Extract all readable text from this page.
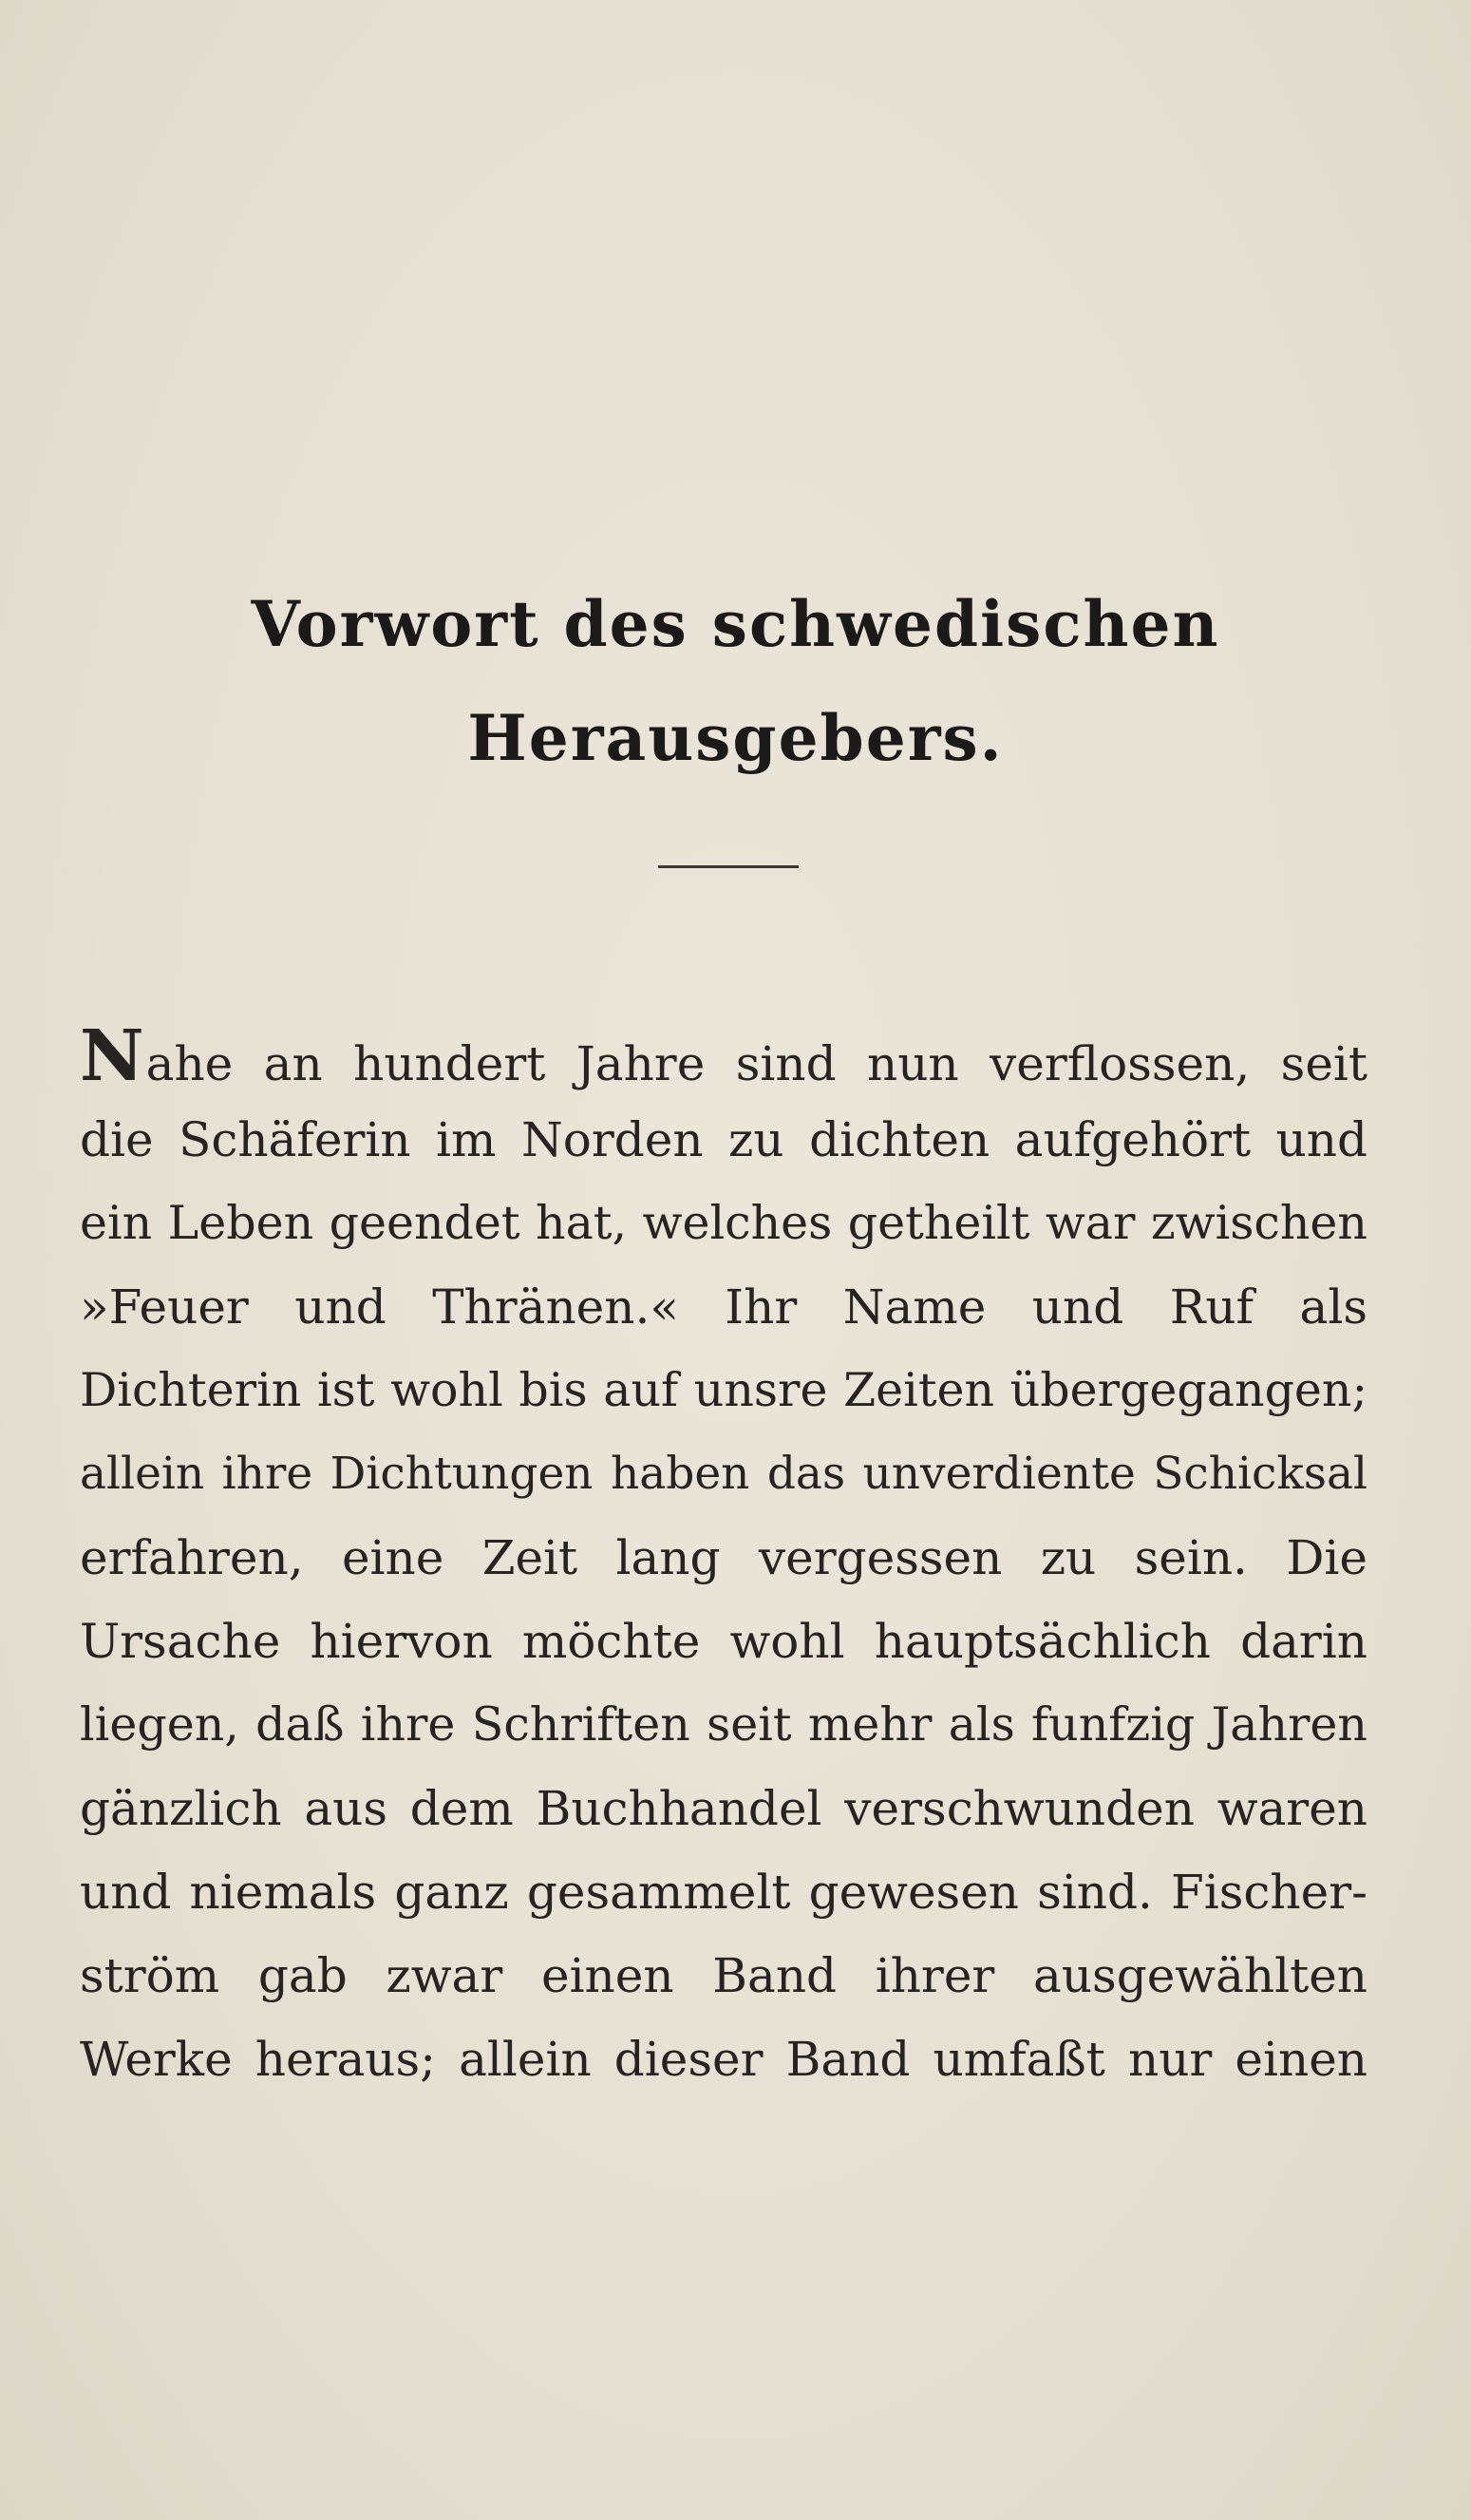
Vorwort des schwedischen
Herausgebers.
Nahe an hundert Jahre sind nun verflossen, seit
die Schäferin im Norden zu dichten aufgehört und
ein Leben geendet hat, welches getheilt war zwischen
»Feuer und Thränen.« Ihr Name und Ruf als
Dichterin ist wohl bis auf unsre Zeiten übergegangen;
allein ihre Dichtungen haben das unverdiente Schicksal
erfahren, eine Zeit lang vergessen zu sein. Die
Ursache hiervon möchte wohl hauptsächlich darin
liegen, daß ihre Schriften seit mehr als funfzig Jahren
gänzlich aus dem Buchhandel verschwunden waren
und niemals ganz gesammelt gewesen sind. Fischer-
ström gab zwar einen Band ihrer ausgewählten
Werke heraus; allein dieser Band umfaßt nur einen
